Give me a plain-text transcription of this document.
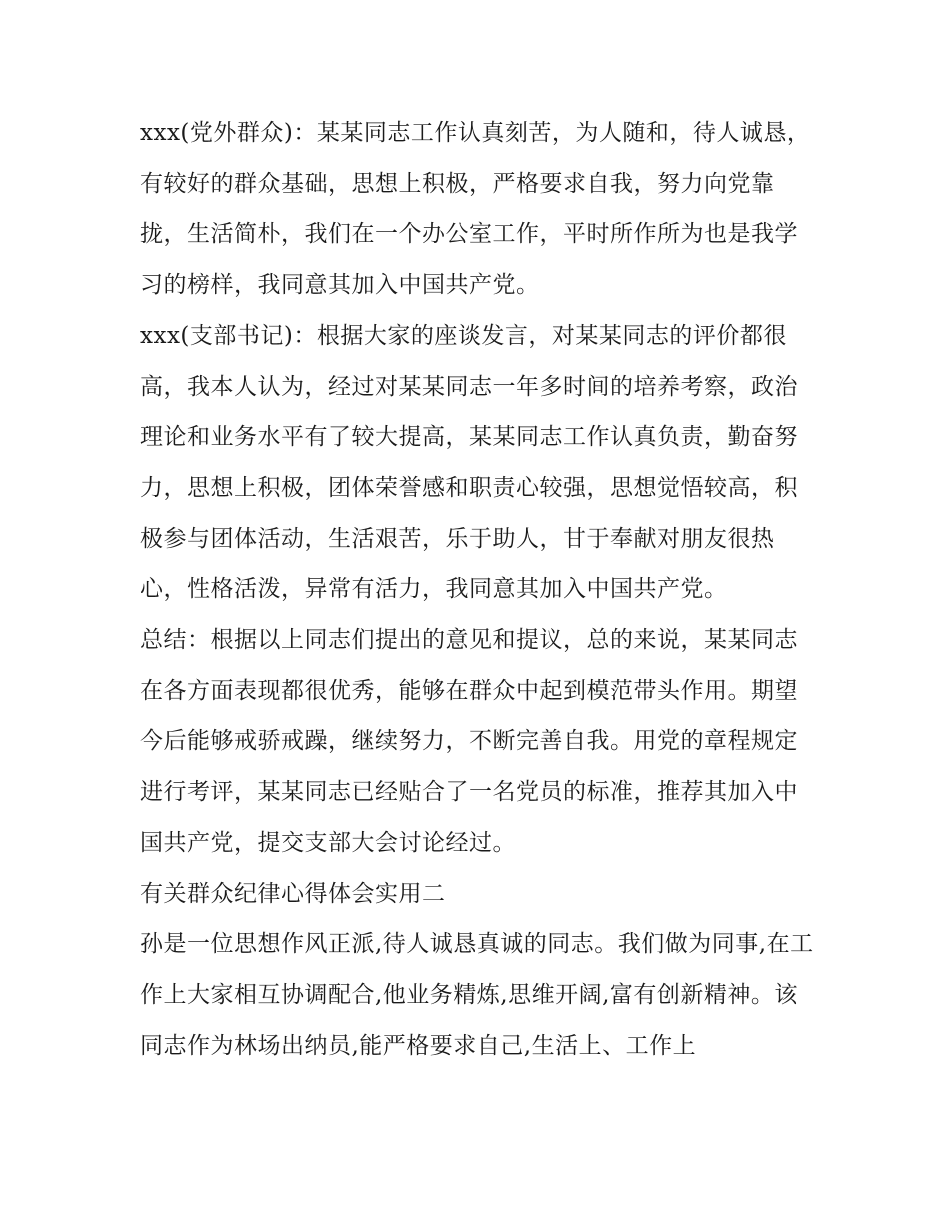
xxx(党外群众)：某某同志工作认真刻苦，为人随和，待人诚恳，有较好的群众基础，思想上积极，严格要求自我，努力向党靠拢，生活简朴，我们在一个办公室工作，平时所作所为也是我学习的榜样，我同意其加入中国共产党。

xxx(支部书记)：根据大家的座谈发言，对某某同志的评价都很高，我本人认为，经过对某某同志一年多时间的培养考察，政治理论和业务水平有了较大提高，某某同志工作认真负责，勤奋努力，思想上积极，团体荣誉感和职责心较强，思想觉悟较高，积极参与团体活动，生活艰苦，乐于助人，甘于奉献对朋友很热心，性格活泼，异常有活力，我同意其加入中国共产党。

总结：根据以上同志们提出的意见和提议，总的来说，某某同志在各方面表现都很优秀，能够在群众中起到模范带头作用。期望今后能够戒骄戒躁，继续努力，不断完善自我。用党的章程规定进行考评，某某同志已经贴合了一名党员的标准，推荐其加入中国共产党，提交支部大会讨论经过。

有关群众纪律心得体会实用二

孙是一位思想作风正派,待人诚恳真诚的同志。我们做为同事,在工作上大家相互协调配合,他业务精炼,思维开阔,富有创新精神。该同志作为林场出纳员,能严格要求自己,生活上、工作上
